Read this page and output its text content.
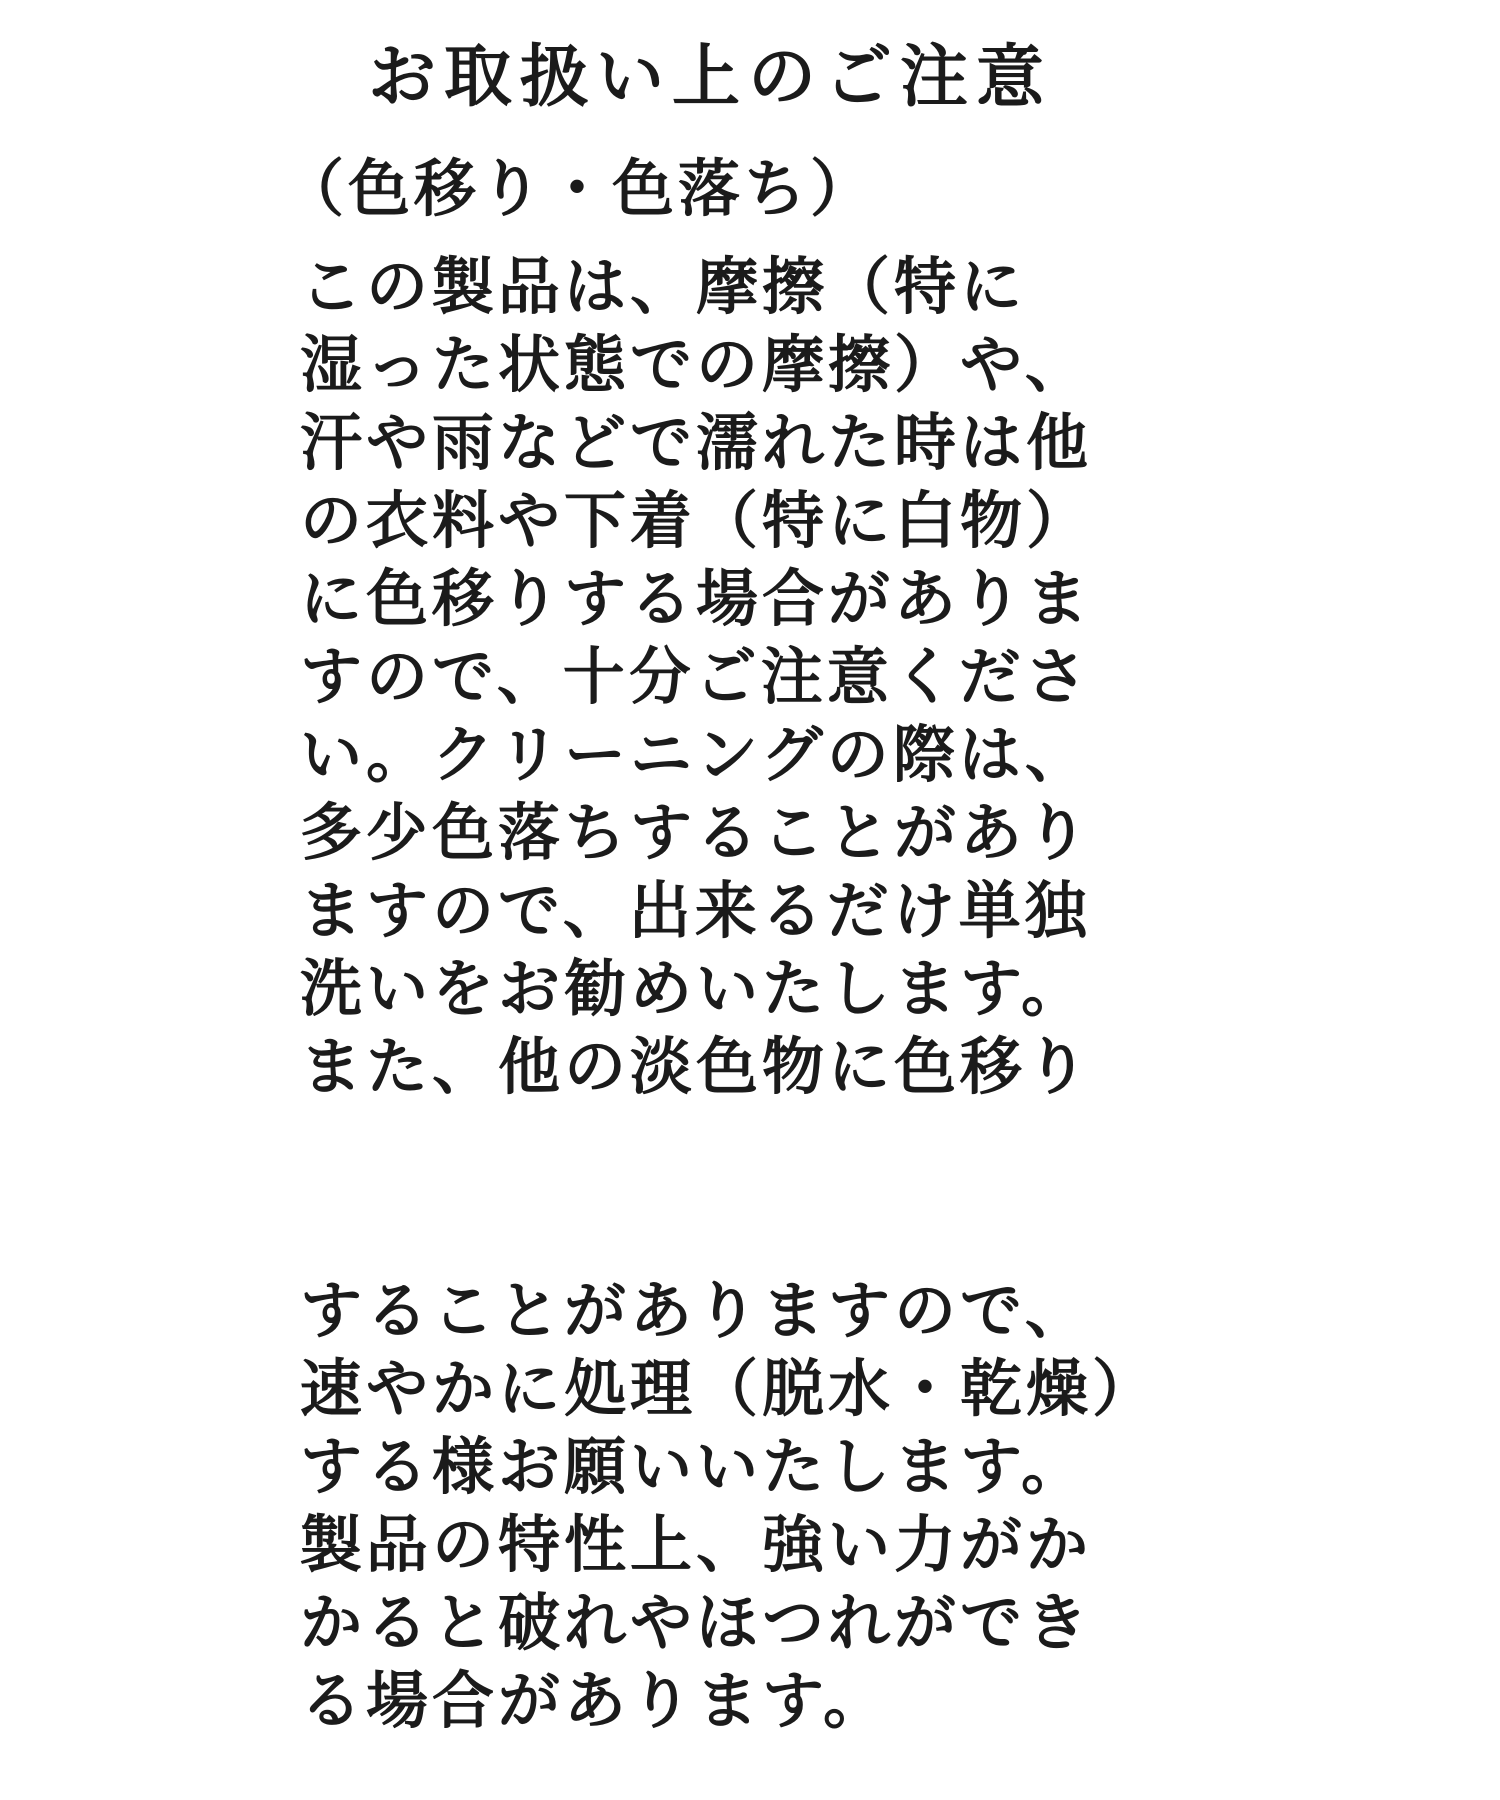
お取扱い上のご注意
（色移り・色落ち）
この製品は、摩擦（特に
湿った状態での摩擦）や、
汗や雨などで濡れた時は他
の衣料や下着（特に白物）
に色移りする場合がありま
すので、十分ご注意くださ
い。クリーニングの際は、
多少色落ちすることがあり
ますので、出来るだけ単独
洗いをお勧めいたします。
また、他の淡色物に色移り
することがありますので、
速やかに処理（脱水・乾燥）
する様お願いいたします。
製品の特性上、強い力がか
かると破れやほつれができ
る場合があります。
